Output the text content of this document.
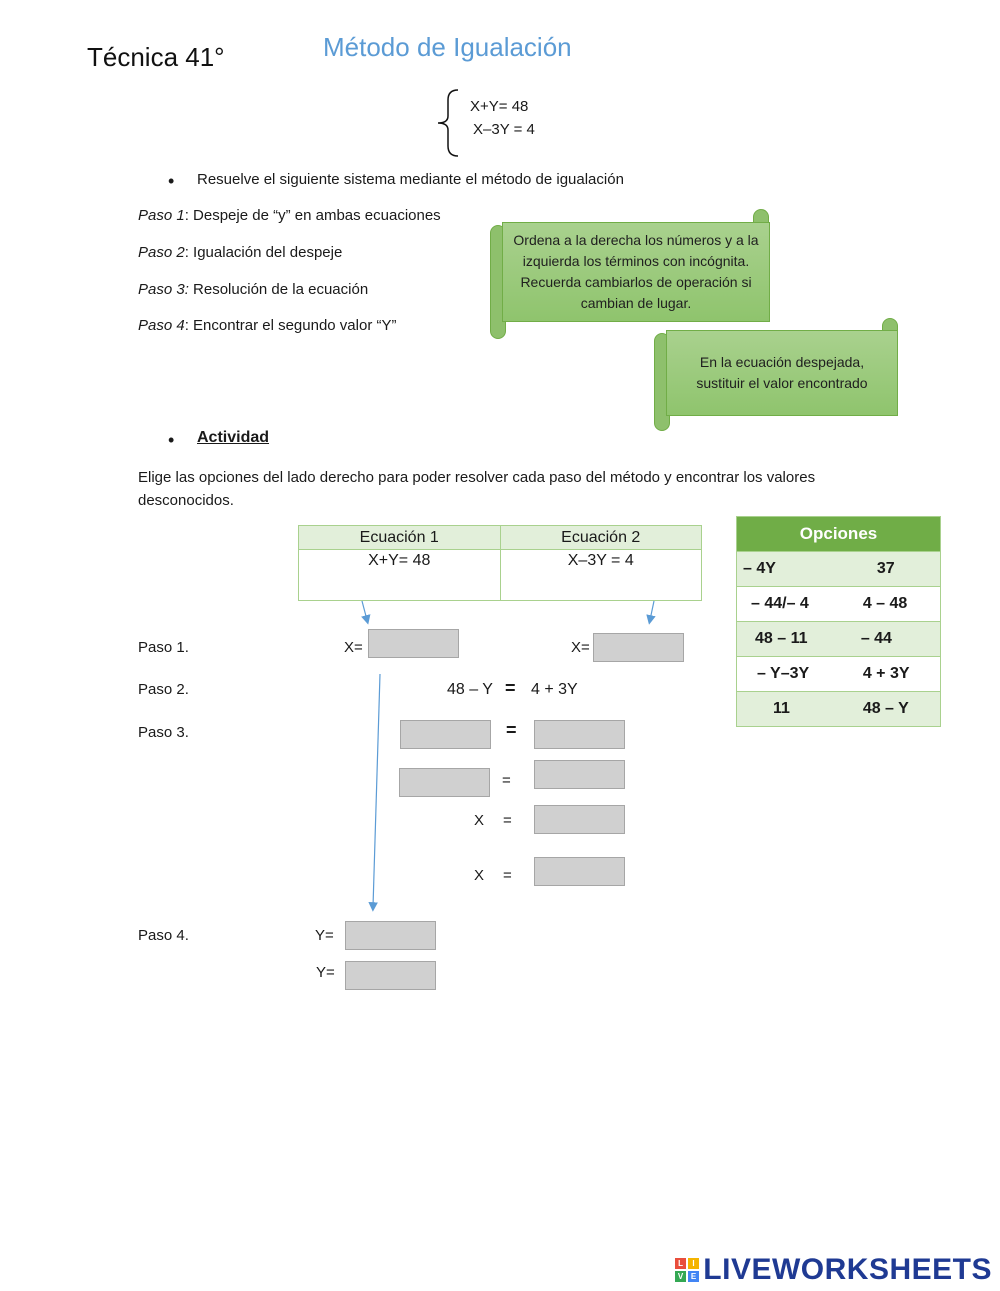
Técnica 41°	Método de Igualación
X+Y= 48
X–3Y = 4
• Resuelve el siguiente sistema mediante el método de igualación
Paso 1: Despeje de “y” en ambas ecuaciones
Paso 2: Igualación del despeje
Paso 3: Resolución de la ecuación
Paso 4: Encontrar el segundo valor “Y”
Ordena a la derecha los números y a la izquierda los términos con incógnita. Recuerda cambiarlos de operación si cambian de lugar.
En la ecuación despejada, sustituir el valor encontrado
• Actividad
Elige las opciones del lado derecho para poder resolver cada paso del método y encontrar los valores desconocidos.
Ecuación 1	Ecuación 2
X+Y= 48	X–3Y = 4
Opciones	
– 4Y	37
– 44/– 4	4 – 48
48 – 11	– 44
– Y–3Y	4 + 3Y
11	48 – Y
Paso 1.	X=	X=
Paso 2.	48 – Y = 4 + 3Y
Paso 3.	=
=
X =
X =
Paso 4.	Y=
Y=
L	I
V E LIVEWORKSHEETS
